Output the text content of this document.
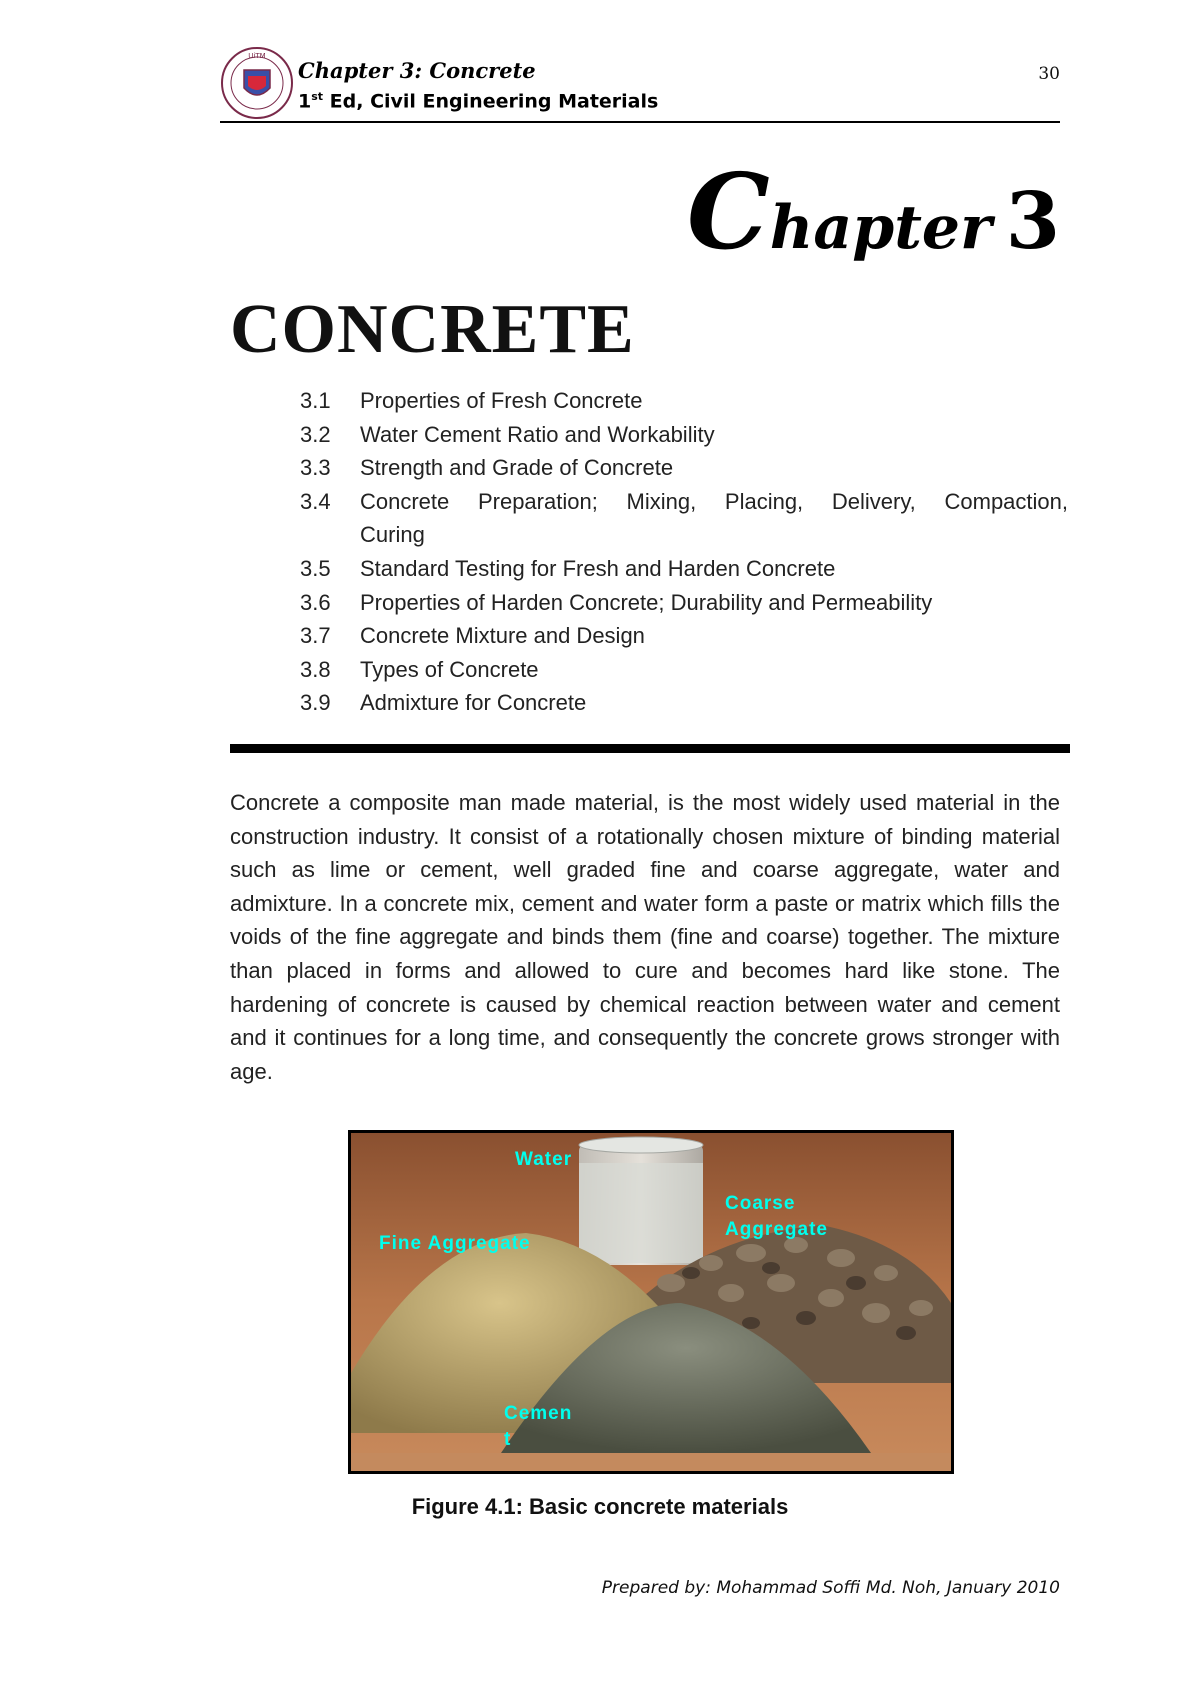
UiTM
Chapter 3: Concrete
1st Ed, Civil Engineering Materials
30
Chapter 3
CONCRETE
3.1	Properties of Fresh Concrete
3.2	Water Cement Ratio and Workability
3.3	Strength and Grade of Concrete
3.4	Concrete Preparation; Mixing, Placing, Delivery, Compaction,
Curing
3.5	Standard Testing for Fresh and Harden Concrete
3.6	Properties of Harden Concrete; Durability and Permeability
3.7	Concrete Mixture and Design
3.8	Types of Concrete
3.9	Admixture for Concrete

Concrete a composite man made material, is the most widely used material in the construction industry. It consist of a rotationally chosen mixture of binding material such as lime or cement, well graded fine and coarse aggregate, water and admixture. In a concrete mix, cement and water form a paste or matrix which fills the voids of the fine aggregate and binds them (fine and coarse) together. The mixture than placed in forms and allowed to cure and becomes hard like stone. The hardening of concrete is caused by chemical reaction between water and cement and it continues for a long time, and consequently the concrete grows stronger with age.

Water
Coarse
Aggregate
Fine Aggregate
Cemen
t
Figure 4.1: Basic concrete materials
Prepared by: Mohammad Soffi Md. Noh, January 2010
